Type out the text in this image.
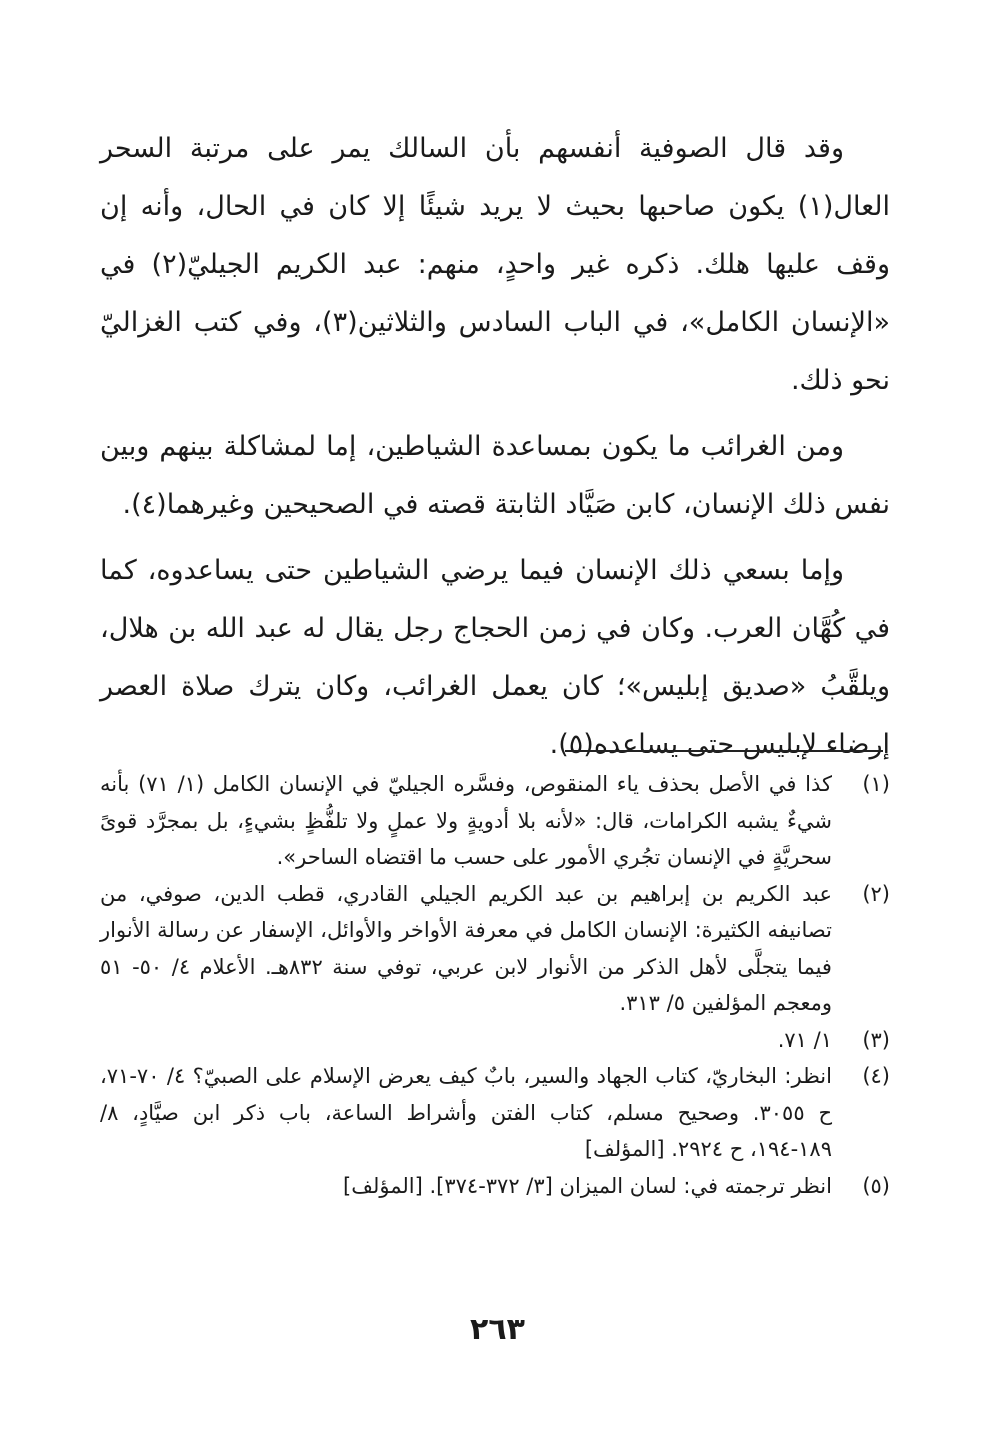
وقد قال الصوفية أنفسهم بأن السالك يمر على مرتبة السحر العال(١) يكون صاحبها بحيث لا يريد شيئًا إلا كان في الحال، وأنه إن وقف عليها هلك. ذكره غير واحدٍ، منهم: عبد الكريم الجيليّ(٢) في «الإنسان الكامل»، في الباب السادس والثلاثين(٣)، وفي كتب الغزاليّ نحو ذلك.

ومن الغرائب ما يكون بمساعدة الشياطين، إما لمشاكلة بينهم وبين نفس ذلك الإنسان، كابن صَيَّاد الثابتة قصته في الصحيحين وغيرهما(٤).

وإما بسعي ذلك الإنسان فيما يرضي الشياطين حتى يساعدوه، كما في كُهَّان العرب. وكان في زمن الحجاج رجل يقال له عبد الله بن هلال، ويلقَّبُ «صديق إبليس»؛ كان يعمل الغرائب، وكان يترك صلاة العصر إرضاء لإبليس حتى يساعده(٥).

(١)
كذا في الأصل بحذف ياء المنقوص، وفسَّره الجيليّ في الإنسان الكامل (١/ ٧١) بأنه شيءٌ يشبه الكرامات، قال: «لأنه بلا أدويةٍ ولا عملٍ ولا تلفُّظٍ بشيءٍ، بل بمجرَّد قوىً سحريَّةٍ في الإنسان تجُري الأمور على حسب ما اقتضاه الساحر».
(٢)
عبد الكريم بن إبراهيم بن عبد الكريم الجيلي القادري، قطب الدين، صوفي، من تصانيفه الكثيرة: الإنسان الكامل في معرفة الأواخر والأوائل، الإسفار عن رسالة الأنوار فيما يتجلَّى لأهل الذكر من الأنوار لابن عربي، توفي سنة ٨٣٢هـ. الأعلام ٤/ ٥٠- ٥١ ومعجم المؤلفين ٥/ ٣١٣.
(٣)
١/ ٧١.
(٤)
انظر: البخاريّ، كتاب الجهاد والسير، بابٌ كيف يعرض الإسلام على الصبيّ؟ ٤/ ٧٠-٧١، ح ٣٠٥٥. وصحيح مسلم، كتاب الفتن وأشراط الساعة، باب ذكر ابن صيَّادٍ، ٨/ ١٨٩-١٩٤، ح ٢٩٢٤. [المؤلف]
(٥)
انظر ترجمته في: لسان الميزان [٣/ ٣٧٢-٣٧٤]. [المؤلف]
٢٦٣
